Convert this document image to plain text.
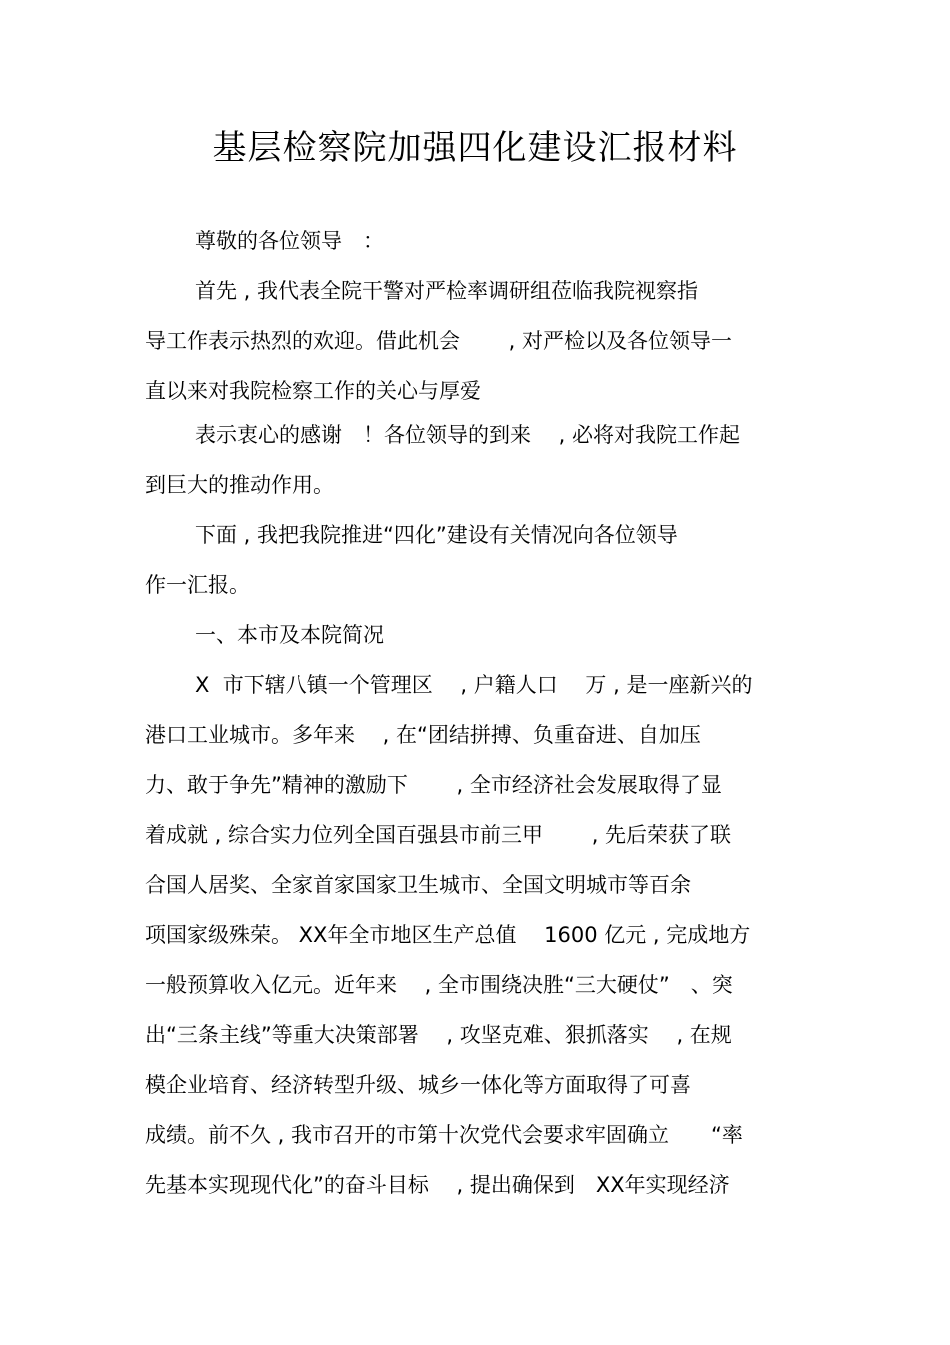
基层检察院加强四化建设汇报材料
尊敬的各位领导　：
首先 , 我代表全院干警对严检率调研组莅临我院视察指
导工作表示热烈的欢迎。借此机会　　 , 对严检以及各位领导一
直以来对我院检察工作的关心与厚爱
表示衷心的感谢　！各位领导的到来　 , 必将对我院工作起
到巨大的推动作用。
下面 , 我把我院推进“四化”建设有关情况向各位领导
作一汇报。
一、本市及本院简况
X  市下辖八镇一个管理区　 , 户籍人口　 万 , 是一座新兴的
港口工业城市。多年来　 , 在“团结拼搏、负重奋进、自加压
力、敢于争先”精神的激励下　　 , 全市经济社会发展取得了显
着成就 , 综合实力位列全国百强县市前三甲　　 , 先后荣获了联
合国人居奖、全家首家国家卫生城市、全国文明城市等百余
项国家级殊荣。 XX年全市地区生产总值　 1600 亿元 , 完成地方
一般预算收入亿元。近年来　 , 全市围绕决胜“三大硬仗”　、突
出“三条主线”等重大决策部署　 , 攻坚克难、狠抓落实　 , 在规
模企业培育、经济转型升级、城乡一体化等方面取得了可喜
成绩。前不久 , 我市召开的市第十次党代会要求牢固确立　　“率
先基本实现现代化”的奋斗目标　 , 提出确保到　XX年实现经济
